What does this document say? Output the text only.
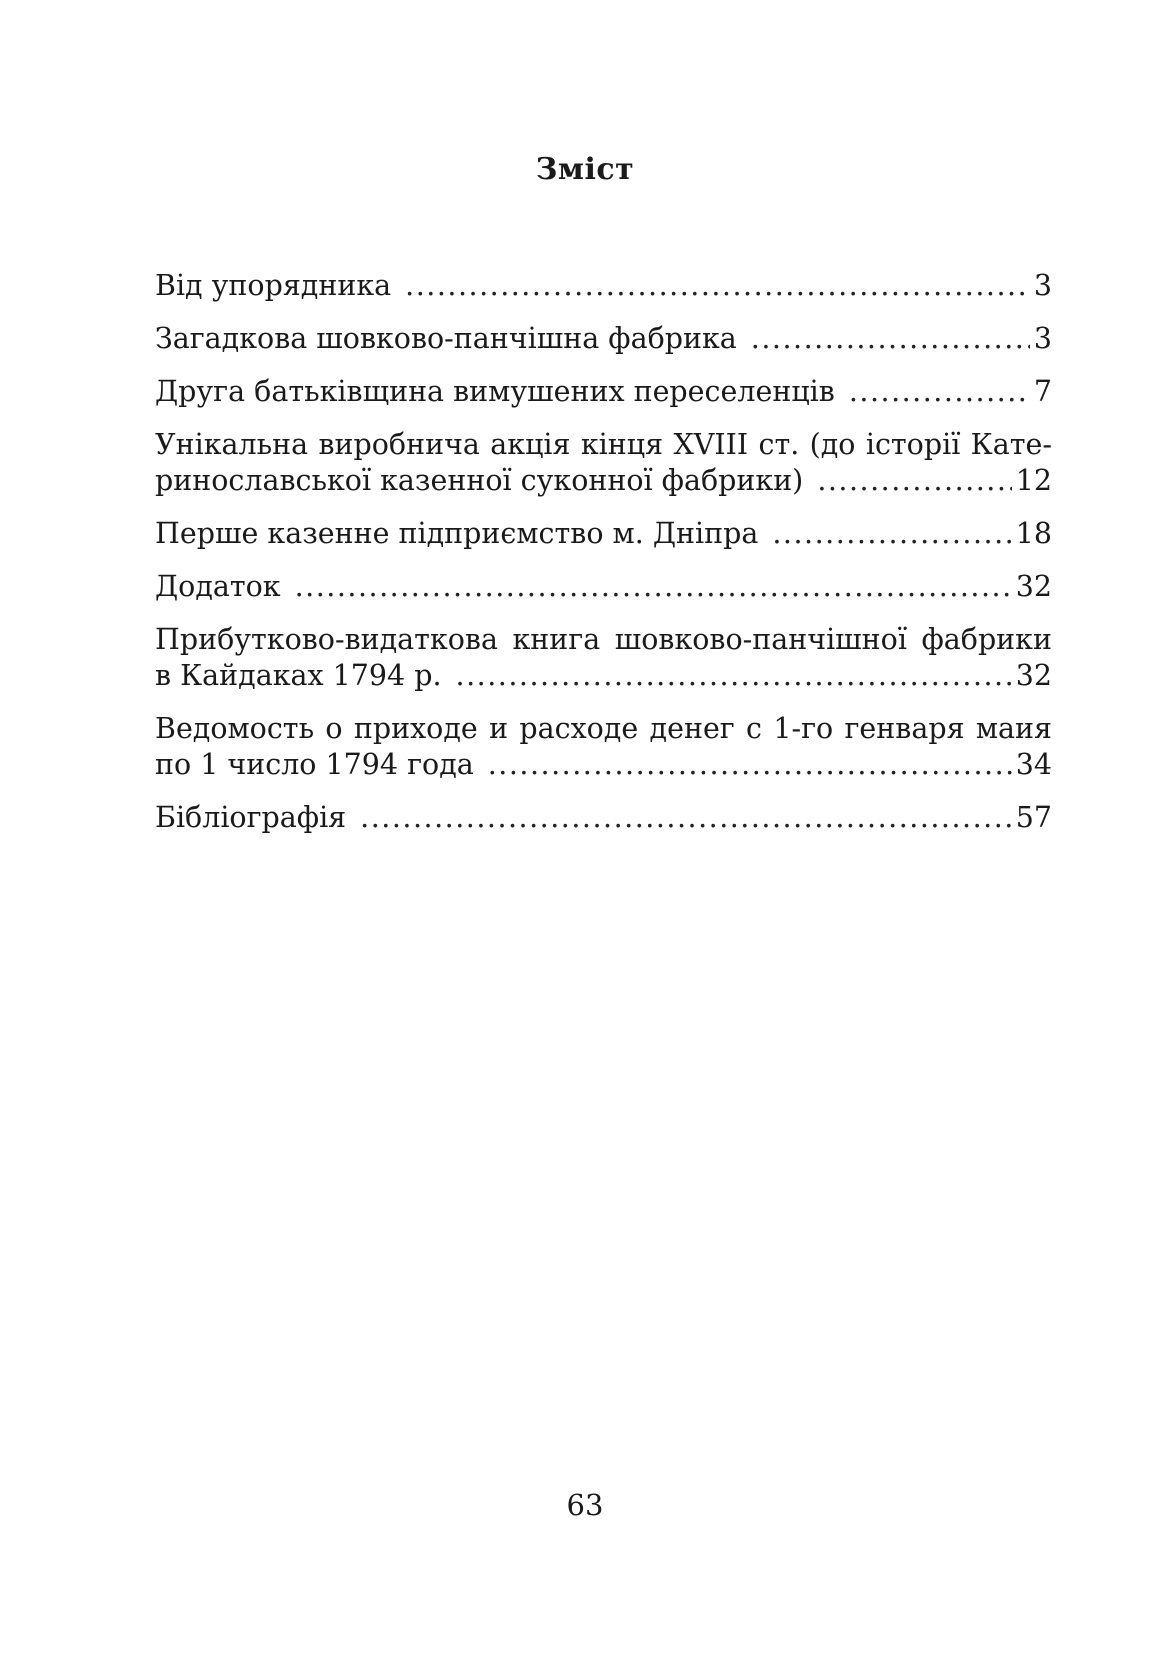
Зміст
Від упорядника .....	3
Загадкова шовково-панчішна фабрика .....	3
Друга батьківщина вимушених переселенців .....	7
Унікальна виробнича акція кінця XVIII ст. (до історії Кате-
ринославської казенної суконної фабрики) .....	12
Перше казенне підприємство м. Дніпра .....	18
Додаток .....	32
Прибутково-видаткова книга шовково-панчішної фабрики
в Кайдаках 1794 р. .....	32
Ведомость о приходе и расходе денег с 1-го генваря маия
по 1 число 1794 года .....	34
Бібліографія .....	57
63
